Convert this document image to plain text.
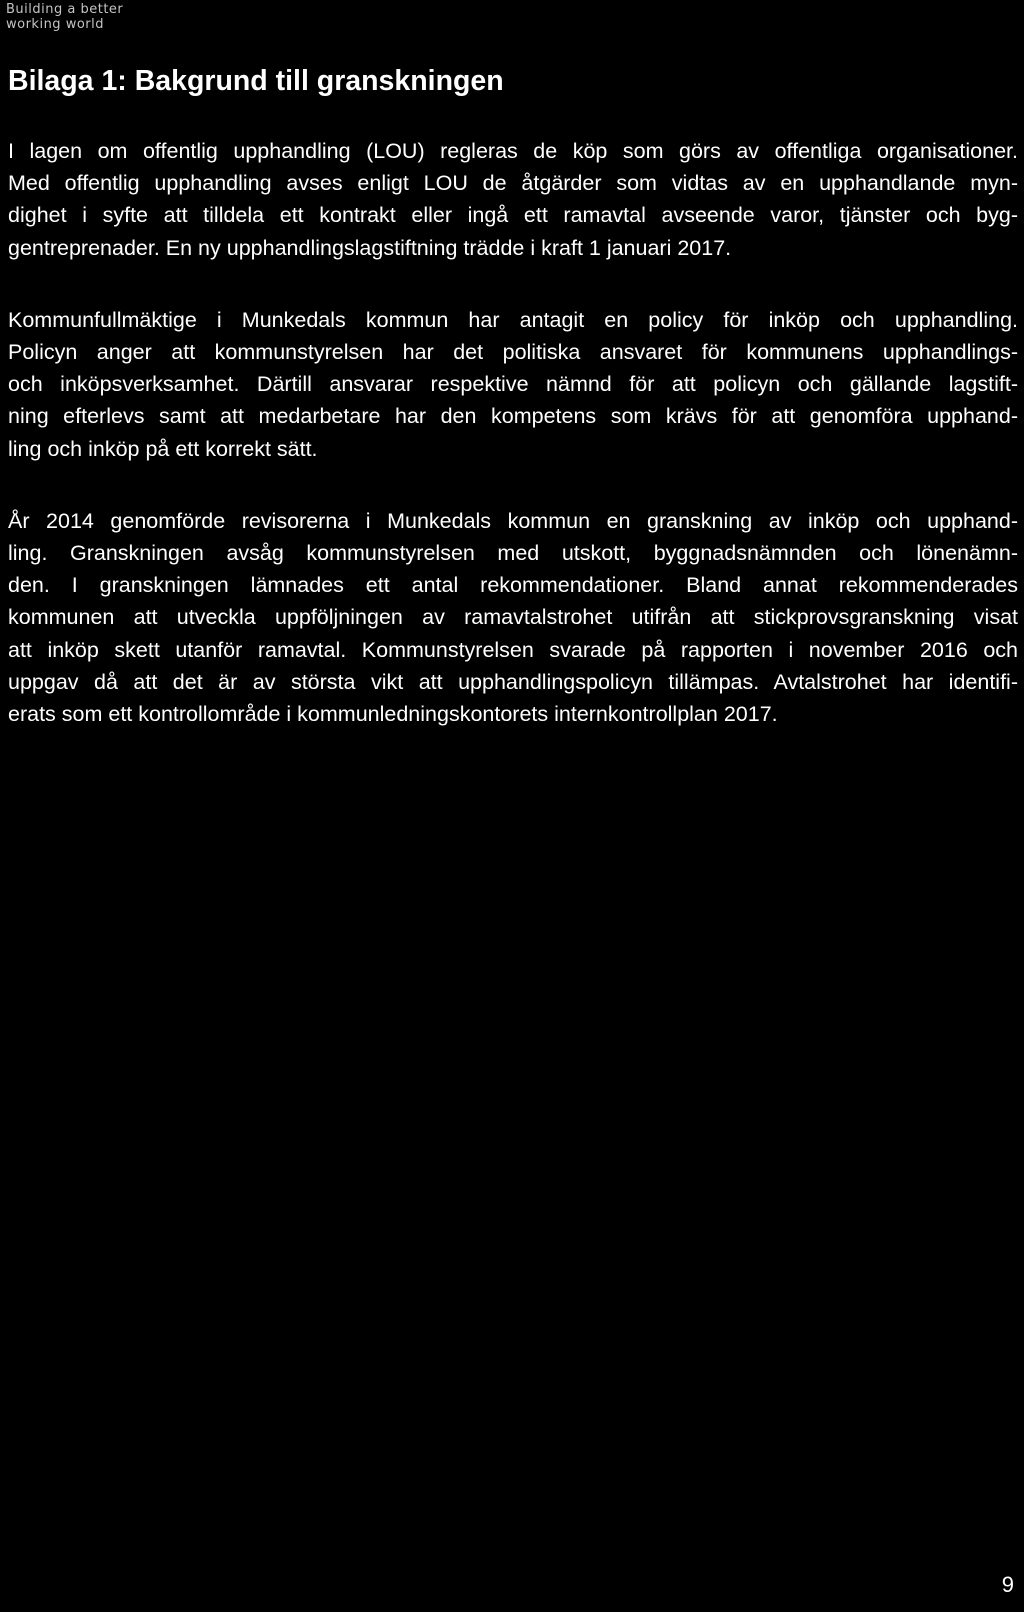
Building a better
working world
Bilaga 1: Bakgrund till granskningen

I lagen om offentlig upphandling (LOU) regleras de köp som görs av offentliga organisationer.
Med offentlig upphandling avses enligt LOU de åtgärder som vidtas av en upphandlande myn-
dighet i syfte att tilldela ett kontrakt eller ingå ett ramavtal avseende varor, tjänster och byg-
gentreprenader. En ny upphandlingslagstiftning trädde i kraft 1 januari 2017.

Kommunfullmäktige i Munkedals kommun har antagit en policy för inköp och upphandling.
Policyn anger att kommunstyrelsen har det politiska ansvaret för kommunens upphandlings-
och inköpsverksamhet. Därtill ansvarar respektive nämnd för att policyn och gällande lagstift-
ning efterlevs samt att medarbetare har den kompetens som krävs för att genomföra upphand-
ling och inköp på ett korrekt sätt.

År 2014 genomförde revisorerna i Munkedals kommun en granskning av inköp och upphand-
ling. Granskningen avsåg kommunstyrelsen med utskott, byggnadsnämnden och lönenämn-
den. I granskningen lämnades ett antal rekommendationer. Bland annat rekommenderades
kommunen att utveckla uppföljningen av ramavtalstrohet utifrån att stickprovsgranskning visat
att inköp skett utanför ramavtal. Kommunstyrelsen svarade på rapporten i november 2016 och
uppgav då att det är av största vikt att upphandlingspolicyn tillämpas. Avtalstrohet har identifi-
erats som ett kontrollområde i kommunledningskontorets internkontrollplan 2017.

9
